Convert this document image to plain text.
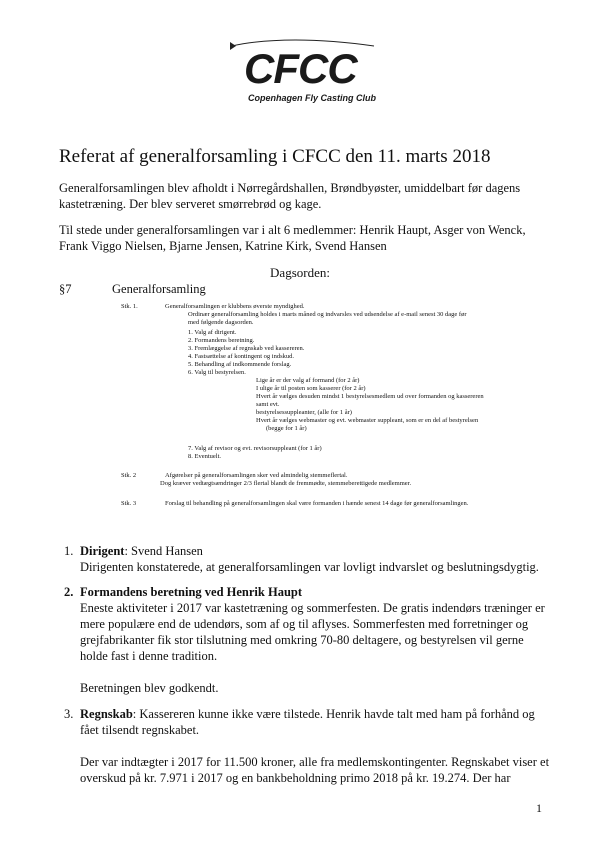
CFCC
Copenhagen Fly Casting Club
Referat af generalforsamling i CFCC den 11. marts 2018
Generalforsamlingen blev afholdt i Nørregårdshallen, Brøndbyøster, umiddelbart før dagens kastetræning. Der blev serveret smørrebrød og kage.
Til stede under generalforsamlingen var i alt 6 medlemmer: Henrik Haupt, Asger von Wenck, Frank Viggo Nielsen, Bjarne Jensen, Katrine Kirk, Svend Hansen
Dagsorden:
§7	Generalforsamling
Stk. 1.	Generalforsamlingen er klubbens øverste myndighed.
Ordinær generalforsamling holdes i marts måned og indvarsles ved udsendelse af e-mail senest 30 dage før
med følgende dagsorden.
1. Valg af dirigent.
2. Formandens beretning.
3. Fremlæggelse af regnskab ved kassereren.
4. Fastsættelse af kontingent og indskud.
5. Behandling af indkommende forslag.
6. Valg til bestyrelsen.
Lige år er der valg af formand (for 2 år)
I ulige år til posten som kasserer (for 2 år)
Hvert år vælges desuden mindst 1 bestyrelsesmedlem ud over formanden og kassereren
samt evt.
bestyrelsessuppleanter, (alle for 1 år)
Hvert år vælges webmaster og evt. webmaster suppleant, som er en del af bestyrelsen
(begge for 1 år)
7. Valg af revisor og evt. revisorsuppleant (for 1 år)
8. Eventuelt.
Stk. 2	Afgørelser på generalforsamlingen sker ved almindelig stemmeflertal.
Dog kræver vedtægtsændringer 2/3 flertal blandt de fremmødte, stemmeberettigede medlemmer.
Stk. 3	Forslag til behandling på generalforsamlingen skal være formanden i hænde senest 14 dage før generalforsamlingen.
1. Dirigent: Svend Hansen
Dirigenten konstaterede, at generalforsamlingen var lovligt indvarslet og beslutningsdygtig.
2. Formandens beretning ved Henrik Haupt
Eneste aktiviteter i 2017 var kastetræning og sommerfesten. De gratis indendørs træninger er mere populære end de udendørs, som af og til aflyses. Sommerfesten med forretninger og grejfabrikanter fik stor tilslutning med omkring 70-80 deltagere, og bestyrelsen vil gerne holde fast i denne tradition.
Beretningen blev godkendt.
3. Regnskab: Kassereren kunne ikke være tilstede. Henrik havde talt med ham på forhånd og fået tilsendt regnskabet.
Der var indtægter i 2017 for 11.500 kroner, alle fra medlemskontingenter. Regnskabet viser et overskud på kr. 7.971 i 2017 og en bankbeholdning primo 2018 på kr. 19.274. Der har
1
